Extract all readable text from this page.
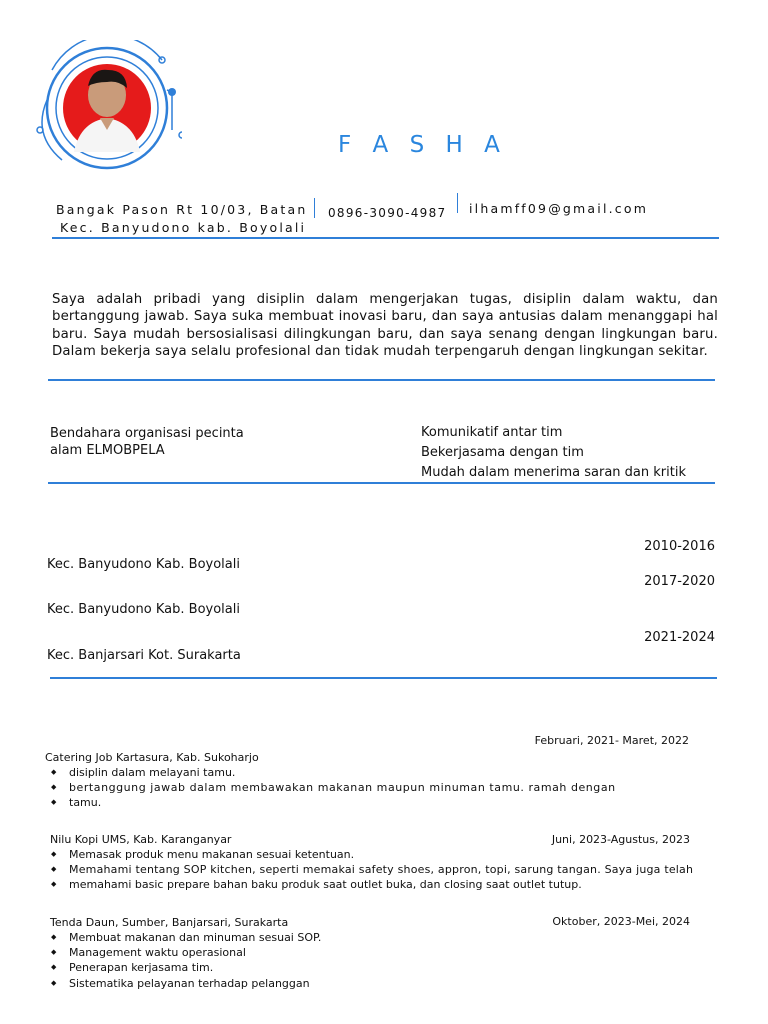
F A S H A
Bangak Pason Rt 10/03, Batan
Kec. Banyudono kab. Boyolali
0896-3090-4987 ilhamff09@gmail.com
Saya adalah pribadi yang disiplin dalam mengerjakan tugas, disiplin dalam waktu, dan bertanggung jawab. Saya suka membuat inovasi baru, dan saya antusias dalam menanggapi hal baru. Saya mudah bersosialisasi dilingkungan baru, dan saya senang dengan lingkungan baru. Dalam bekerja saya selalu profesional dan tidak mudah terpengaruh dengan lingkungan sekitar.
Bendahara organisasi pecinta
alam ELMOBPELA
Komunikatif antar tim
Bekerjasama dengan tim
Mudah dalam menerima saran dan kritik
2010-2016
Kec. Banyudono Kab. Boyolali
2017-2020
Kec. Banyudono Kab. Boyolali
2021-2024
Kec. Banjarsari Kot. Surakarta
Februari, 2021- Maret, 2022
Catering Job Kartasura, Kab. Sukoharjo
◆ disiplin dalam melayani tamu.
◆ bertanggung jawab dalam membawakan makanan maupun minuman tamu. ramah dengan
◆ tamu.
Nilu Kopi UMS, Kab. Karanganyar	Juni, 2023-Agustus, 2023
◆ Memasak produk menu makanan sesuai ketentuan.
◆ Memahami tentang SOP kitchen, seperti memakai safety shoes, appron, topi, sarung tangan. Saya juga telah
◆ memahami basic prepare bahan baku produk saat outlet buka, dan closing saat outlet tutup.
Tenda Daun, Sumber, Banjarsari, Surakarta	Oktober, 2023-Mei, 2024
◆ Membuat makanan dan minuman sesuai SOP.
◆ Management waktu operasional
◆ Penerapan kerjasama tim.
◆ Sistematika pelayanan terhadap pelanggan
